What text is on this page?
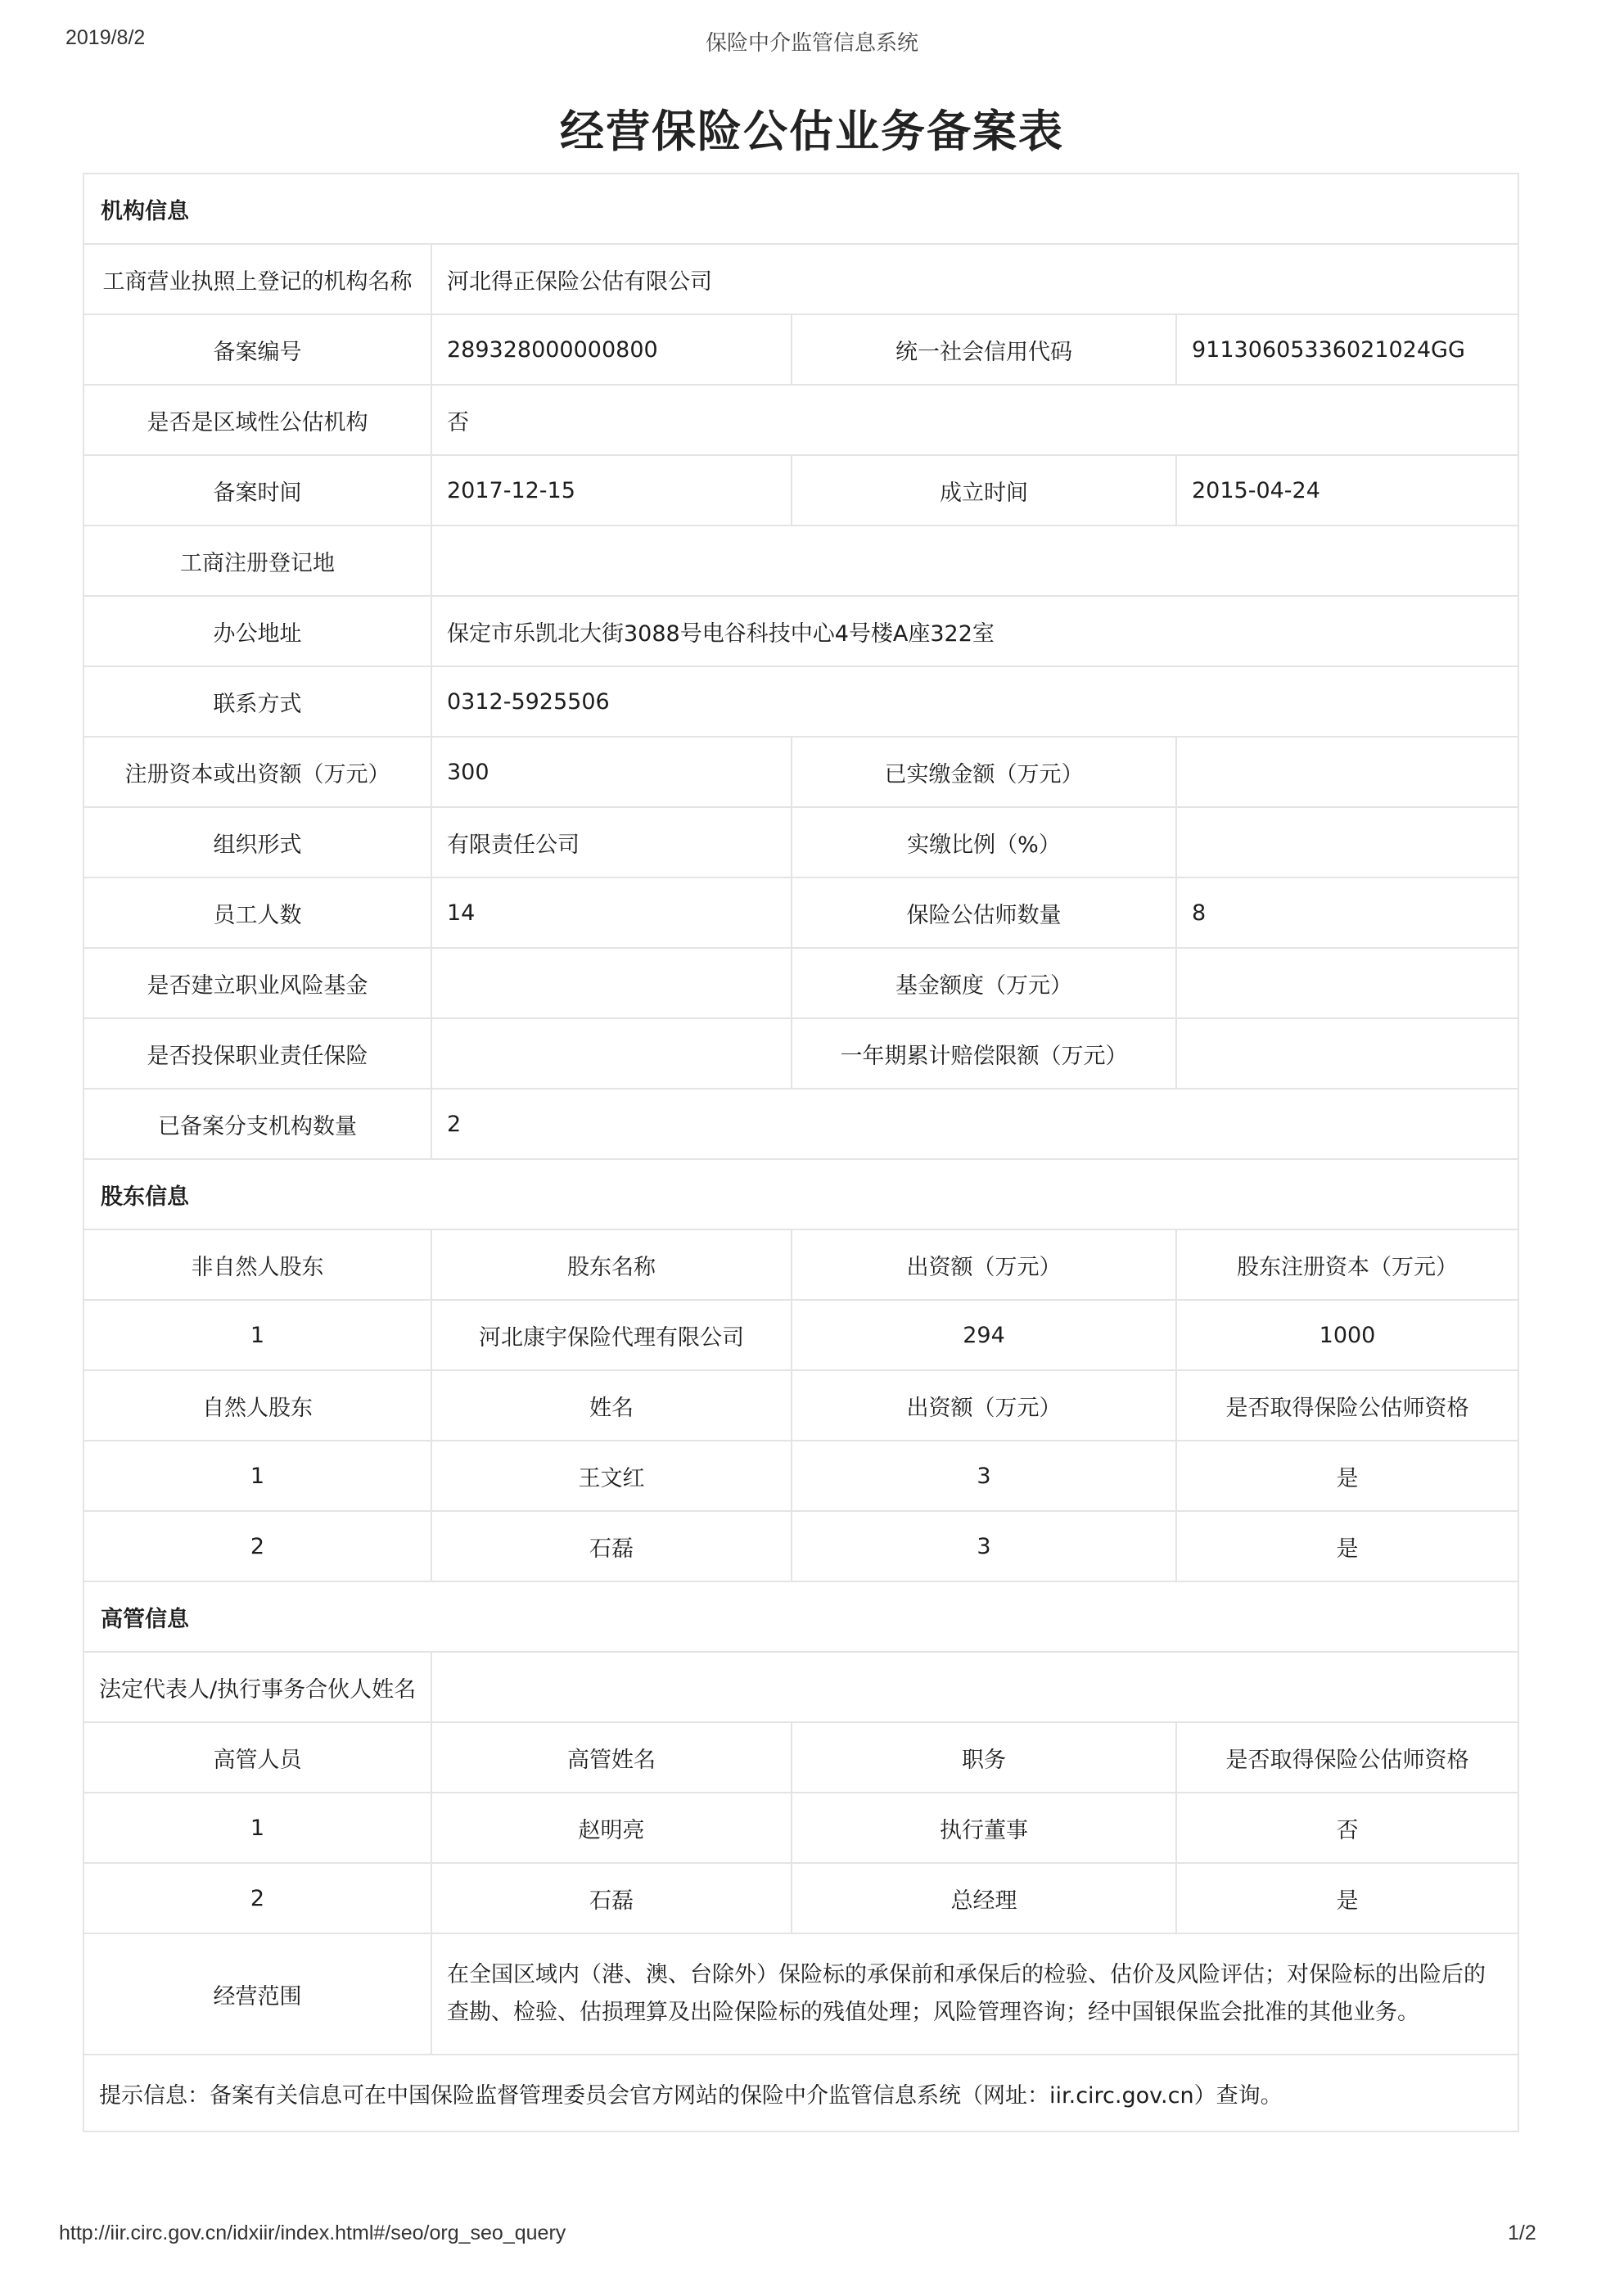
2019/8/2	保险中介监管信息系统
经营保险公估业务备案表
机构信息			
工商营业执照上登记的机构名称	河北得正保险公估有限公司		
备案编号	289328000000800	统一社会信用代码	91130605336021024GG
是否是区域性公估机构	否		
备案时间	2017-12-15	成立时间	2015-04-24
工商注册登记地			
办公地址	保定市乐凯北大街3088号电谷科技中心4号楼A座322室		
联系方式	0312-5925506		
注册资本或出资额（万元）	300	已实缴金额（万元）	
组织形式	有限责任公司	实缴比例（%）	
员工人数	14	保险公估师数量	8
是否建立职业风险基金		基金额度（万元）	
是否投保职业责任保险		一年期累计赔偿限额（万元）	
已备案分支机构数量	2		
股东信息			
非自然人股东	股东名称	出资额（万元）	股东注册资本（万元）
1	河北康宇保险代理有限公司	294	1000
自然人股东	姓名	出资额（万元）	是否取得保险公估师资格
1	王文红	3	是
2	石磊	3	是
高管信息			
法定代表人/执行事务合伙人姓名			
高管人员	高管姓名	职务	是否取得保险公估师资格
1	赵明亮	执行董事	否
2	石磊	总经理	是
经营范围	在全国区域内（港、澳、台除外）保险标的承保前和承保后的检验、估价及风险评估；对保险标的出险后的查勘、检验、估损理算及出险保险标的残值处理；风险管理咨询；经中国银保监会批准的其他业务。		
提示信息：备案有关信息可在中国保险监督管理委员会官方网站的保险中介监管信息系统（网址：iir.circ.gov.cn）查询。			
http://iir.circ.gov.cn/idxiir/index.html#/seo/org_seo_query	1/2
